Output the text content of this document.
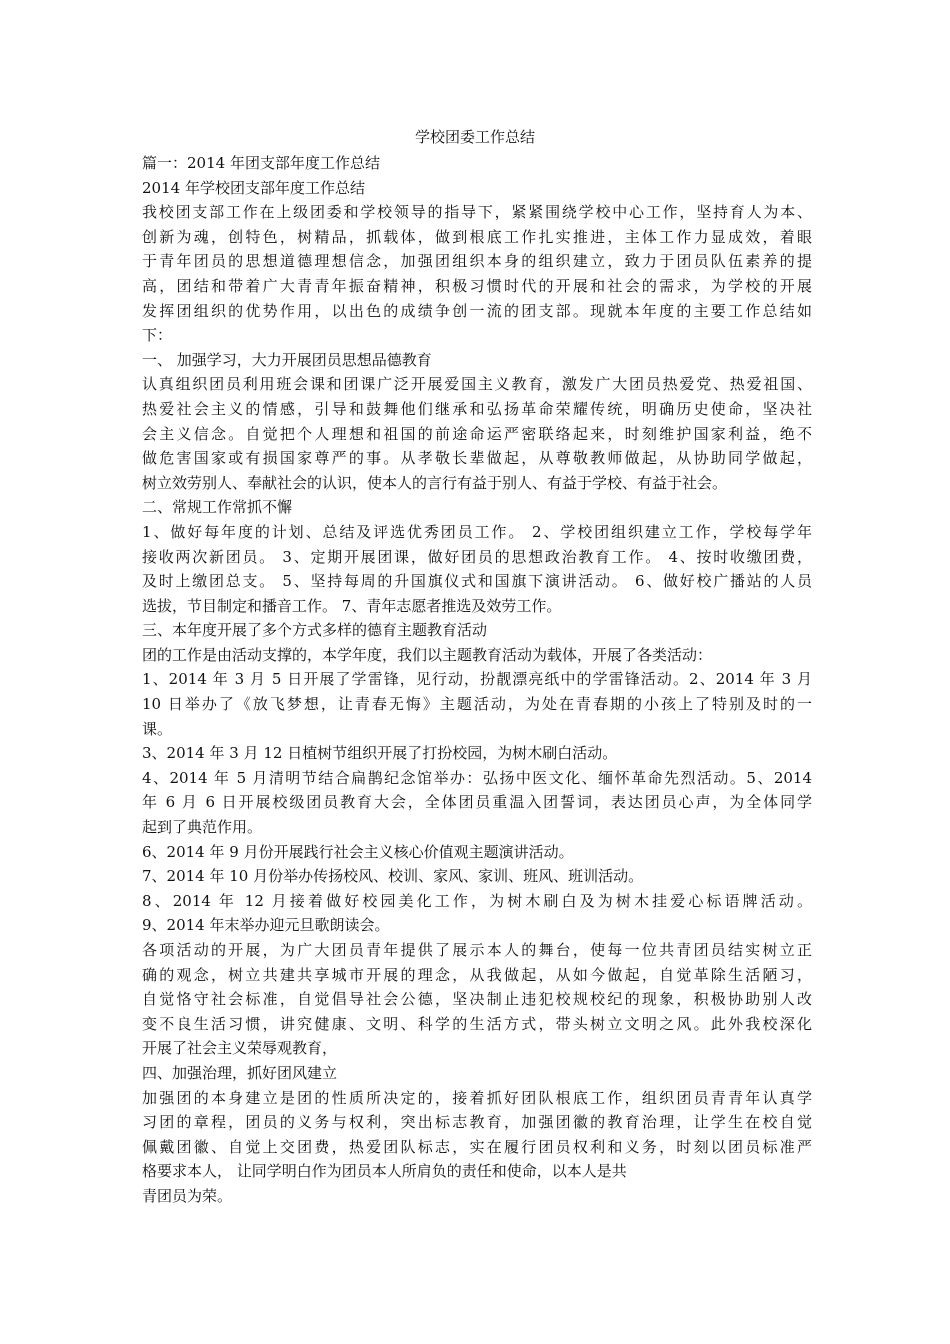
学校团委工作总结
篇一：2014 年团支部年度工作总结
2014 年学校团支部年度工作总结
我校团支部工作在上级团委和学校领导的指导下，紧紧围绕学校中心工作，坚持育人为本、
创新为魂，创特色，树精品，抓载体，做到根底工作扎实推进，主体工作力显成效，着眼
于青年团员的思想道德理想信念，加强团组织本身的组织建立，致力于团员队伍素养的提
高，团结和带着广大青青年振奋精神，积极习惯时代的开展和社会的需求，为学校的开展
发挥团组织的优势作用，以出色的成绩争创一流的团支部。现就本年度的主要工作总结如
下：
一、 加强学习，大力开展团员思想品德教育
认真组织团员利用班会课和团课广泛开展爱国主义教育，激发广大团员热爱党、热爱祖国、
热爱社会主义的情感，引导和鼓舞他们继承和弘扬革命荣耀传统，明确历史使命，坚决社
会主义信念。自觉把个人理想和祖国的前途命运严密联络起来，时刻维护国家利益，绝不
做危害国家或有损国家尊严的事。从孝敬长辈做起，从尊敬教师做起，从协助同学做起，
树立效劳别人、奉献社会的认识，使本人的言行有益于别人、有益于学校、有益于社会。
二、常规工作常抓不懈
1、做好每年度的计划、总结及评选优秀团员工作。 2、学校团组织建立工作，学校每学年
接收两次新团员。 3、定期开展团课，做好团员的思想政治教育工作。 4、按时收缴团费，
及时上缴团总支。 5、坚持每周的升国旗仪式和国旗下演讲活动。 6、做好校广播站的人员
选拔，节目制定和播音工作。 7、青年志愿者推选及效劳工作。
三、本年度开展了多个方式多样的德育主题教育活动
团的工作是由活动支撑的，本学年度，我们以主题教育活动为载体，开展了各类活动：
1、2014 年 3 月 5 日开展了学雷锋，见行动，扮靓漂亮纸中的学雷锋活动。2、2014 年 3 月
10 日举办了《放飞梦想，让青春无悔》主题活动，为处在青春期的小孩上了特别及时的一
课。
3、2014 年 3 月 12 日植树节组织开展了打扮校园，为树木刷白活动。
4、2014 年 5 月清明节结合扁鹊纪念馆举办：弘扬中医文化、缅怀革命先烈活动。5、2014
年 6 月 6 日开展校级团员教育大会，全体团员重温入团誓词，表达团员心声，为全体同学
起到了典范作用。
6、2014 年 9 月份开展践行社会主义核心价值观主题演讲活动。
7、2014 年 10 月份举办传扬校风、校训、家风、家训、班风、班训活动。
8、2014 年 12 月接着做好校园美化工作，为树木刷白及为树木挂爱心标语牌活动。
9、2014 年末举办迎元旦歌朗读会。
各项活动的开展，为广大团员青年提供了展示本人的舞台，使每一位共青团员结实树立正
确的观念，树立共建共享城市开展的理念，从我做起，从如今做起，自觉革除生活陋习，
自觉恪守社会标准，自觉倡导社会公德，坚决制止违犯校规校纪的现象，积极协助别人改
变不良生活习惯，讲究健康、文明、科学的生活方式，带头树立文明之风。此外我校深化
开展了社会主义荣辱观教育，
四、加强治理，抓好团风建立
加强团的本身建立是团的性质所决定的，接着抓好团队根底工作，组织团员青青年认真学
习团的章程，团员的义务与权利，突出标志教育，加强团徽的教育治理，让学生在校自觉
佩戴团徽、自觉上交团费，热爱团队标志，实在履行团员权利和义务，时刻以团员标准严
格要求本人， 让同学明白作为团员本人所肩负的责任和使命，以本人是共
青团员为荣。
